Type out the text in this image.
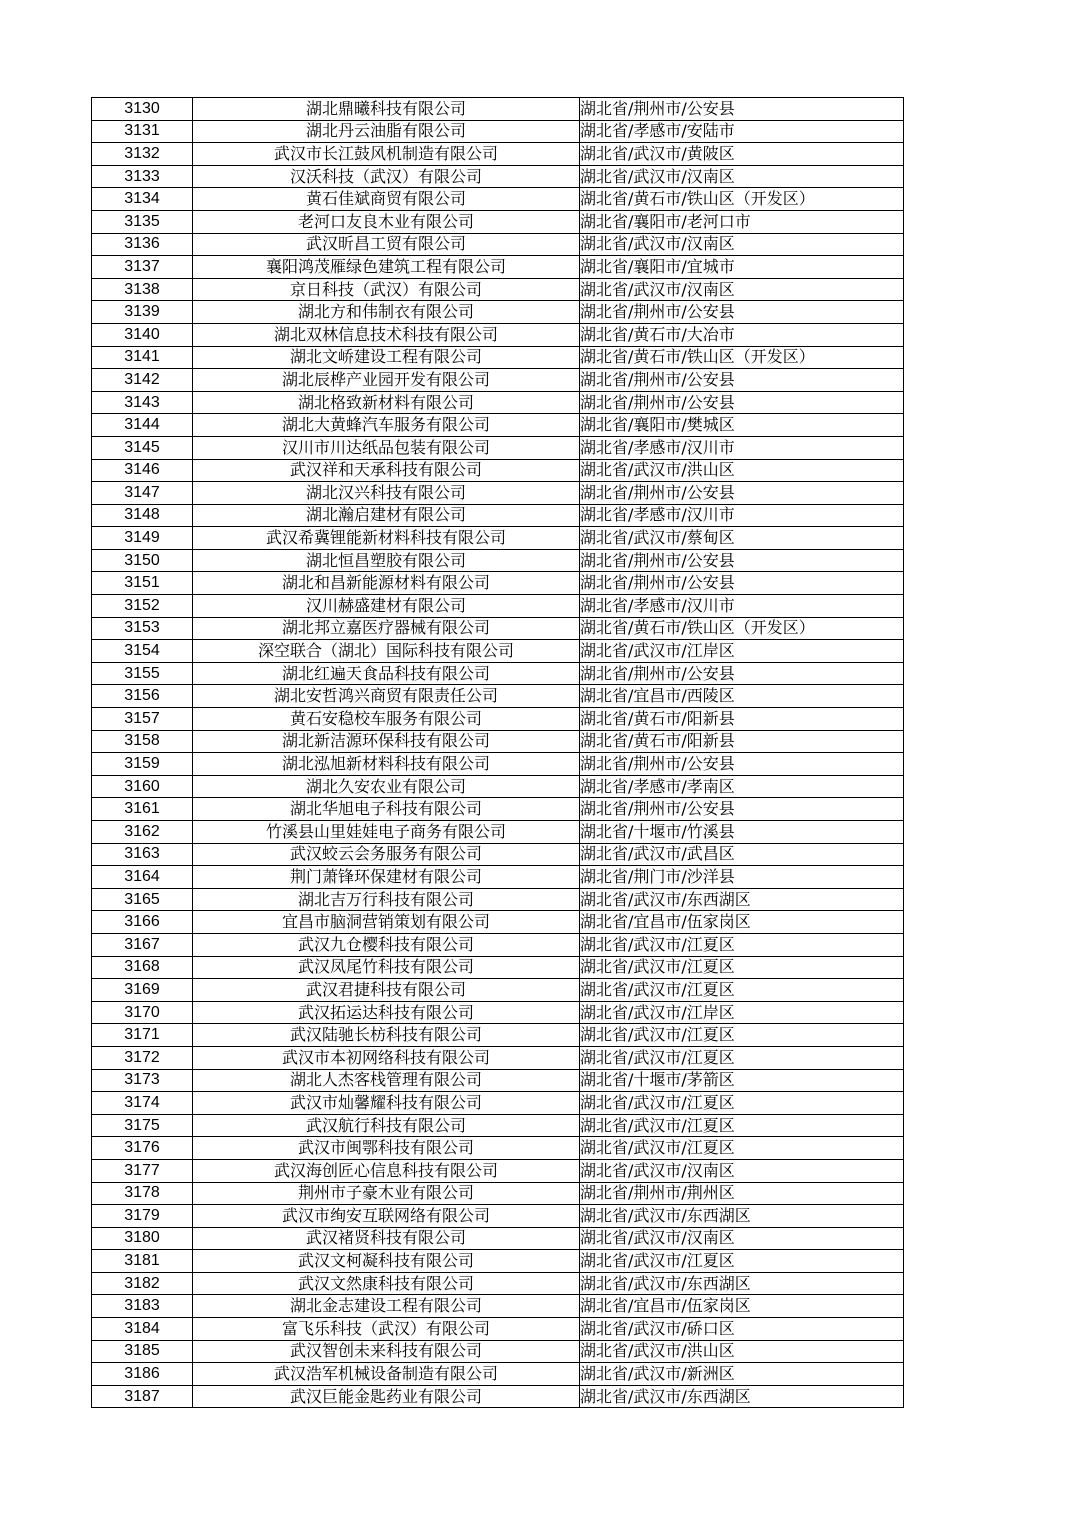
3130	湖北鼎曦科技有限公司	湖北省/荆州市/公安县
3131	湖北丹云油脂有限公司	湖北省/孝感市/安陆市
3132	武汉市长江鼓风机制造有限公司	湖北省/武汉市/黄陂区
3133	汉沃科技（武汉）有限公司	湖北省/武汉市/汉南区
3134	黄石佳斌商贸有限公司	湖北省/黄石市/铁山区（开发区）
3135	老河口友良木业有限公司	湖北省/襄阳市/老河口市
3136	武汉昕昌工贸有限公司	湖北省/武汉市/汉南区
3137	襄阳鸿茂雁绿色建筑工程有限公司	湖北省/襄阳市/宜城市
3138	京日科技（武汉）有限公司	湖北省/武汉市/汉南区
3139	湖北方和伟制衣有限公司	湖北省/荆州市/公安县
3140	湖北双林信息技术科技有限公司	湖北省/黄石市/大冶市
3141	湖北文峤建设工程有限公司	湖北省/黄石市/铁山区（开发区）
3142	湖北辰桦产业园开发有限公司	湖北省/荆州市/公安县
3143	湖北格致新材料有限公司	湖北省/荆州市/公安县
3144	湖北大黄蜂汽车服务有限公司	湖北省/襄阳市/樊城区
3145	汉川市川达纸品包装有限公司	湖北省/孝感市/汉川市
3146	武汉祥和天承科技有限公司	湖北省/武汉市/洪山区
3147	湖北汉兴科技有限公司	湖北省/荆州市/公安县
3148	湖北瀚启建材有限公司	湖北省/孝感市/汉川市
3149	武汉希冀锂能新材料科技有限公司	湖北省/武汉市/蔡甸区
3150	湖北恒昌塑胶有限公司	湖北省/荆州市/公安县
3151	湖北和昌新能源材料有限公司	湖北省/荆州市/公安县
3152	汉川赫盛建材有限公司	湖北省/孝感市/汉川市
3153	湖北邦立嘉医疗器械有限公司	湖北省/黄石市/铁山区（开发区）
3154	深空联合（湖北）国际科技有限公司	湖北省/武汉市/江岸区
3155	湖北红遍天食品科技有限公司	湖北省/荆州市/公安县
3156	湖北安哲鸿兴商贸有限责任公司	湖北省/宜昌市/西陵区
3157	黄石安稳校车服务有限公司	湖北省/黄石市/阳新县
3158	湖北新洁源环保科技有限公司	湖北省/黄石市/阳新县
3159	湖北泓旭新材料科技有限公司	湖北省/荆州市/公安县
3160	湖北久安农业有限公司	湖北省/孝感市/孝南区
3161	湖北华旭电子科技有限公司	湖北省/荆州市/公安县
3162	竹溪县山里娃娃电子商务有限公司	湖北省/十堰市/竹溪县
3163	武汉蛟云会务服务有限公司	湖北省/武汉市/武昌区
3164	荆门萧锋环保建材有限公司	湖北省/荆门市/沙洋县
3165	湖北吉万行科技有限公司	湖北省/武汉市/东西湖区
3166	宜昌市脑洞营销策划有限公司	湖北省/宜昌市/伍家岗区
3167	武汉九仓樱科技有限公司	湖北省/武汉市/江夏区
3168	武汉凤尾竹科技有限公司	湖北省/武汉市/江夏区
3169	武汉君捷科技有限公司	湖北省/武汉市/江夏区
3170	武汉拓运达科技有限公司	湖北省/武汉市/江岸区
3171	武汉陆驰长枋科技有限公司	湖北省/武汉市/江夏区
3172	武汉市本初网络科技有限公司	湖北省/武汉市/江夏区
3173	湖北人杰客栈管理有限公司	湖北省/十堰市/茅箭区
3174	武汉市灿馨耀科技有限公司	湖北省/武汉市/江夏区
3175	武汉航行科技有限公司	湖北省/武汉市/江夏区
3176	武汉市闽鄂科技有限公司	湖北省/武汉市/江夏区
3177	武汉海创匠心信息科技有限公司	湖北省/武汉市/汉南区
3178	荆州市子豪木业有限公司	湖北省/荆州市/荆州区
3179	武汉市绚安互联网络有限公司	湖北省/武汉市/东西湖区
3180	武汉褚贤科技有限公司	湖北省/武汉市/汉南区
3181	武汉文柯凝科技有限公司	湖北省/武汉市/江夏区
3182	武汉文然康科技有限公司	湖北省/武汉市/东西湖区
3183	湖北金志建设工程有限公司	湖北省/宜昌市/伍家岗区
3184	富飞乐科技（武汉）有限公司	湖北省/武汉市/硚口区
3185	武汉智创未来科技有限公司	湖北省/武汉市/洪山区
3186	武汉浩军机械设备制造有限公司	湖北省/武汉市/新洲区
3187	武汉巨能金匙药业有限公司	湖北省/武汉市/东西湖区
